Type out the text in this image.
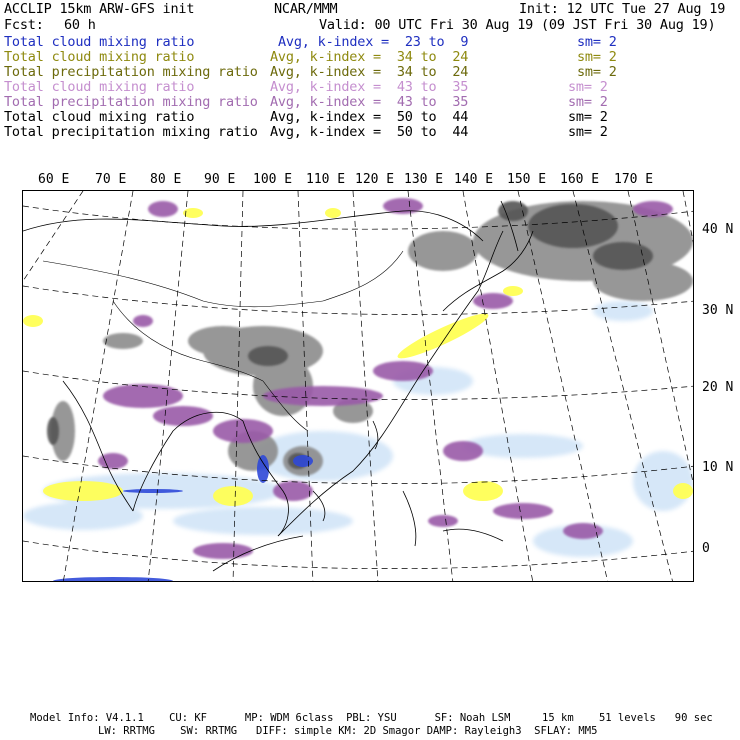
ACCLIP 15km ARW-GFS init	NCAR/MMM	Init: 12 UTC Tue 27 Aug 19
Fcst: 60 h	Valid: 00 UTC Fri 30 Aug 19 (09 JST Fri 30 Aug 19)
Total cloud mixing ratio	Avg, k-index =  23 to  9	sm= 2
Total cloud mixing ratio	Avg, k-index =  34 to  24	sm= 2
Total precipitation mixing ratio Avg, k-index =  34 to  24	sm= 2
Total cloud mixing ratio	Avg, k-index =  43 to  35	sm= 2
Total precipitation mixing ratio Avg, k-index =  43 to  35	sm= 2
Total cloud mixing ratio	Avg, k-index =  50 to  44	sm= 2
Total precipitation mixing ratio Avg, k-index =  50 to  44	sm= 2
60 E 70 E 80 E 90 E 100 E 110 E 120 E 130 E 140 E 150 E 160 E 170 E
40 N
30 N
20 N
10 N
0
Model Info: V4.1.1    CU: KF      MP: WDM 6class  PBL: YSU      SF: Noah LSM     15 km    51 levels   90 sec
LW: RRTMG    SW: RRTMG   DIFF: simple KM: 2D Smagor DAMP: Rayleigh3  SFLAY: MM5
